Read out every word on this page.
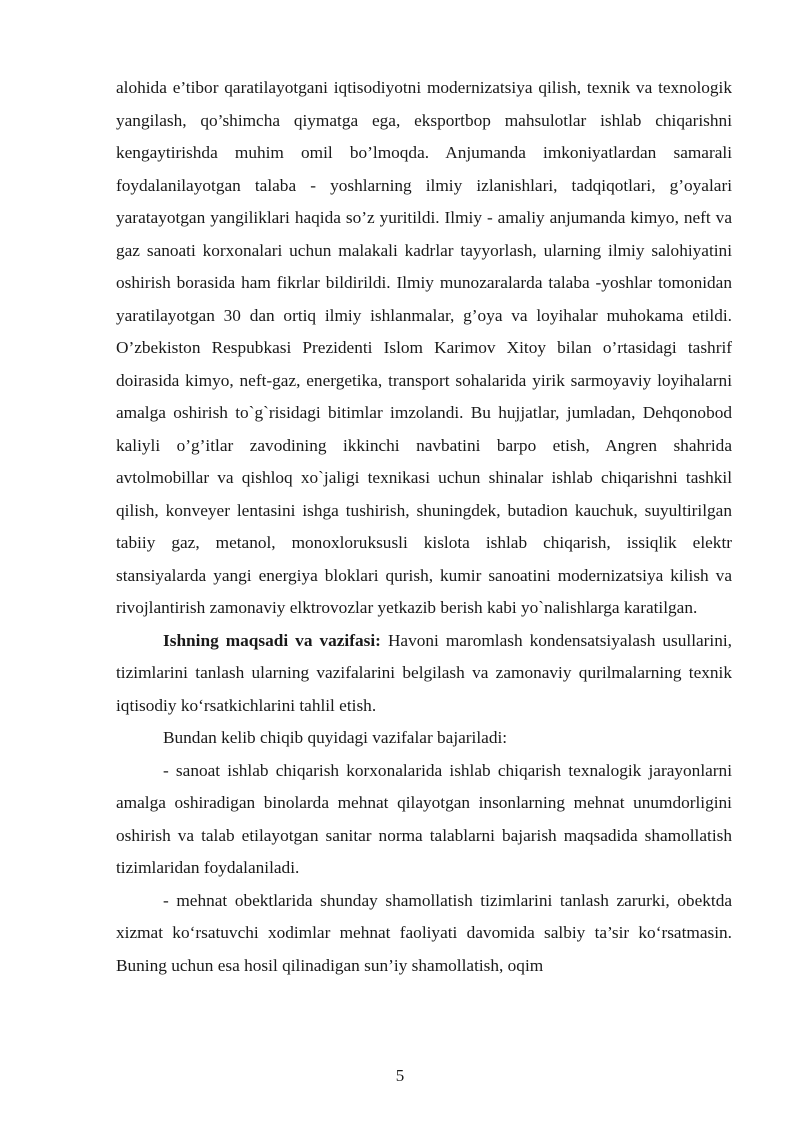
alohida e’tibor qaratilayotgani iqtisodiyotni modernizatsiya qilish, texnik va texnologik yangilash, qo’shimcha qiymatga ega, eksportbop mahsulotlar ishlab chiqarishni kengaytirishda muhim omil bo’lmoqda. Anjumanda imkoniyatlardan samarali foydalanilayotgan talaba - yoshlarning ilmiy izlanishlari, tadqiqotlari, g’oyalari yaratayotgan yangiliklari haqida so’z yuritildi. Ilmiy - amaliy anjumanda kimyo, neft va gaz sanoati korxonalari uchun malakali kadrlar tayyorlash, ularning ilmiy salohiyatini oshirish borasida ham fikrlar bildirildi. Ilmiy munozaralarda talaba -yoshlar tomonidan yaratilayotgan 30 dan ortiq ilmiy ishlanmalar, g’oya va loyihalar muhokama etildi. O’zbekiston Respubkasi Prezidenti Islom Karimov Xitoy bilan o’rtasidagi tashrif doirasida kimyo, neft-gaz, energetika, transport sohalarida yirik sarmoyaviy loyihalarni amalga oshirish to`g`risidagi bitimlar imzolandi. Bu hujjatlar, jumladan, Dehqonobod kaliyli o’g’itlar zavodining ikkinchi navbatini barpo etish, Angren shahrida avtolmobillar va qishloq xo`jaligi texnikasi uchun shinalar ishlab chiqarishni tashkil qilish, konveyer lentasini ishga tushirish, shuningdek, butadion kauchuk, suyultirilgan tabiiy gaz, metanol, monoxloruksusli kislota ishlab chiqarish, issiqlik elektr stansiyalarda yangi energiya bloklari qurish, kumir sanoatini modernizatsiya kilish va rivojlantirish zamonaviy elktrovozlar yetkazib berish kabi yo`nalishlarga karatilgan.

Ishning maqsadi va vazifasi: Havoni maromlash kondensatsiyalash usullarini, tizimlarini tanlash ularning vazifalarini belgilash va zamonaviy qurilmalarning texnik iqtisodiy ko‘rsatkichlarini tahlil etish.

Bundan kelib chiqib quyidagi vazifalar bajariladi:

- sanoat ishlab chiqarish korxonalarida ishlab chiqarish texnalogik jarayonlarni amalga oshiradigan binolarda mehnat qilayotgan insonlarning mehnat unumdorligini oshirish va talab etilayotgan sanitar norma talablarni bajarish maqsadida shamollatish tizimlaridan foydalaniladi.

- mehnat obektlarida shunday shamollatish tizimlarini tanlash zarurki, obektda xizmat ko‘rsatuvchi xodimlar mehnat faoliyati davomida salbiy ta’sir ko‘rsatmasin. Buning uchun esa hosil qilinadigan sun’iy shamollatish, oqim

5
